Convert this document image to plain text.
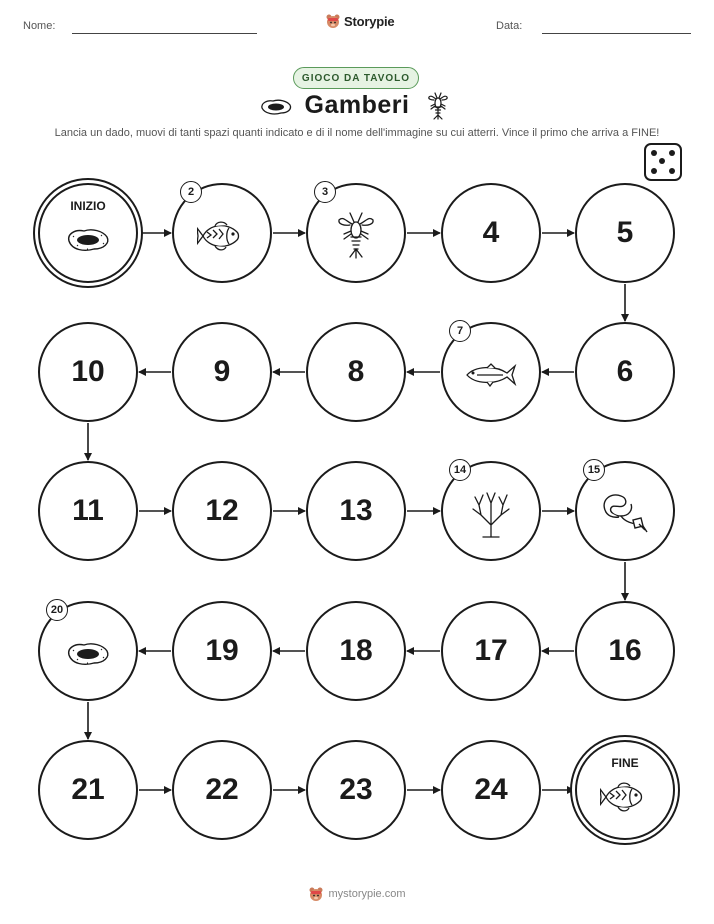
Nome:	Storypie	Data:
GIOCO DA TAVOLO
Gamberi
Lancia un dado, muovi di tanti spazi quanti indicato e di il nome dell'immagine su cui atterri. Vince il primo che arriva a FINE!
INIZIO
2	3
4	5
6
7
8
9
10
11	12	13
14	15
16
17
18
19
20
21	22	23	24
FINE
mystorypie.com
